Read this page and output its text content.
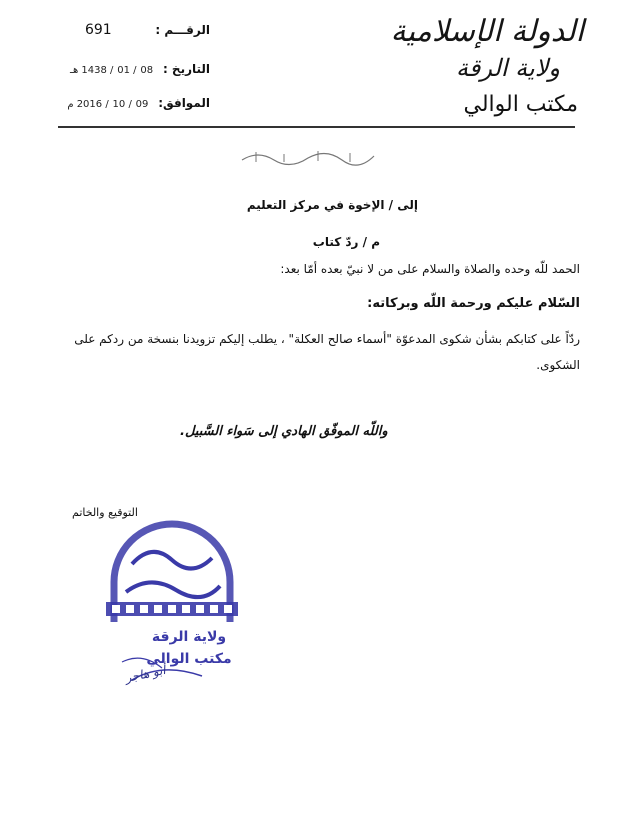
الدولة الإسلامية
ولاية الرقة
مكتب الوالي
الرقـــم :  691
التاريخ : 08 / 01 / 1438 هـ
الموافق: 09 / 10 / 2016 م
إلى / الإخوة في مركز التعليم
م / ردّ كتاب
الحمد للّه وحده والصلاة والسلام على من لا نبيّ بعده أمّا بعد:
السّلام عليكم ورحمة اللّه وبركاته:
ردّاً على كتابكم بشأن شكوى المدعوّة "أسماء صالح العكلة" ، يطلب إليكم تزويدنا بنسخة من ردكم على الشكوى.
واللّه الموفّق الهادي إلى سَواء السَّبيل.
التوقيع والخاتم
ولاية الرقة
مكتب الوالي
أبو هاجر
